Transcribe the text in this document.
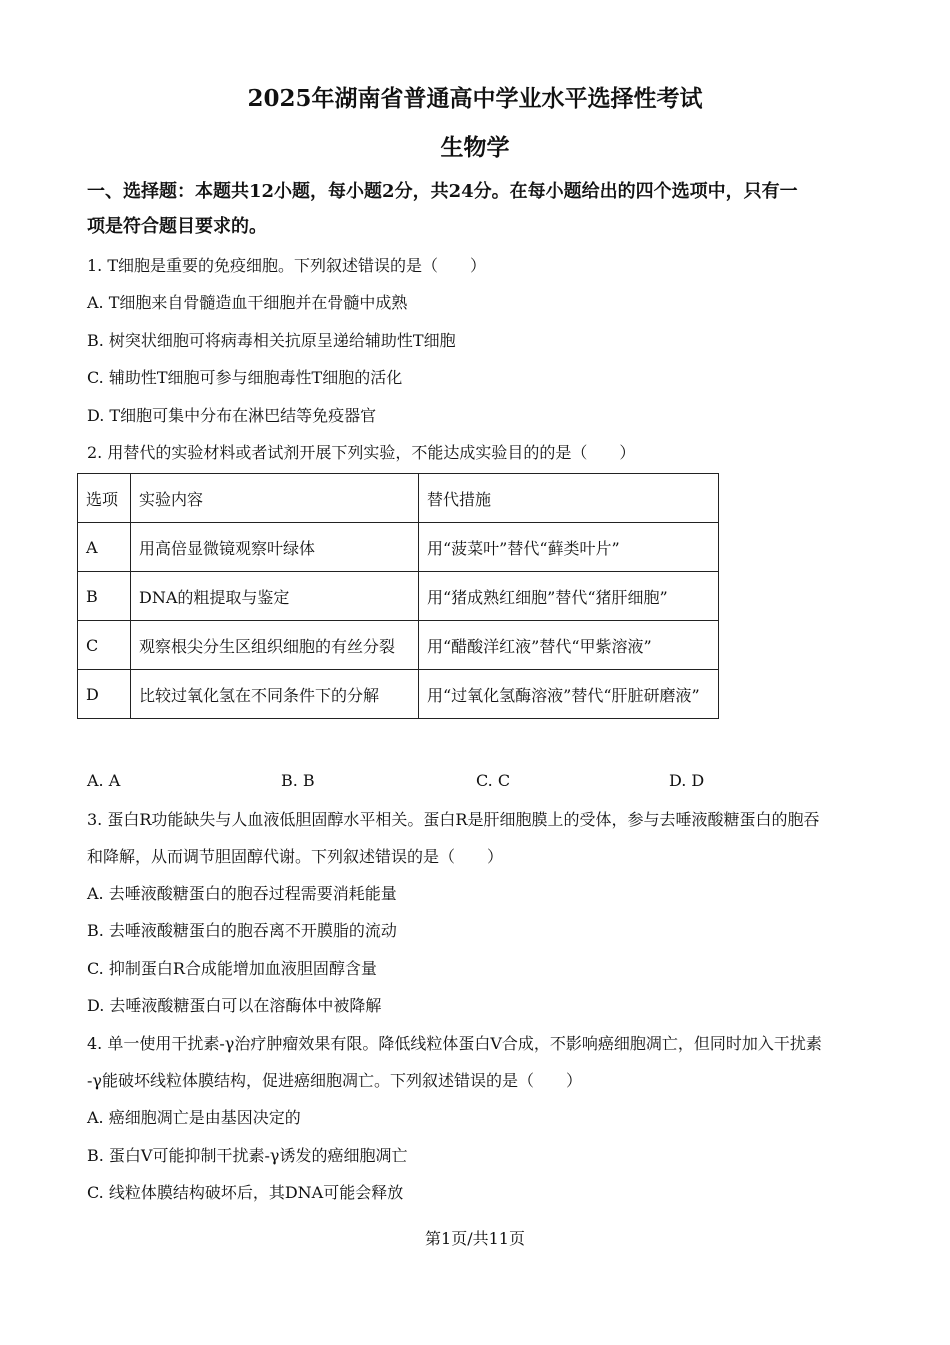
2025年湖南省普通高中学业水平选择性考试
生物学
一、选择题：本题共12小题，每小题2分，共24分。在每小题给出的四个选项中，只有一
项是符合题目要求的。
1. T细胞是重要的免疫细胞。下列叙述错误的是（　　）
A. T细胞来自骨髓造血干细胞并在骨髓中成熟
B. 树突状细胞可将病毒相关抗原呈递给辅助性T细胞
C. 辅助性T细胞可参与细胞毒性T细胞的活化
D. T细胞可集中分布在淋巴结等免疫器官
2. 用替代的实验材料或者试剂开展下列实验，不能达成实验目的的是（　　）
选项	实验内容	替代措施
A	用高倍显微镜观察叶绿体	用“菠菜叶”替代“藓类叶片”
B	DNA的粗提取与鉴定	用“猪成熟红细胞”替代“猪肝细胞”
C	观察根尖分生区组织细胞的有丝分裂	用“醋酸洋红液”替代“甲紫溶液”
D	比较过氧化氢在不同条件下的分解	用“过氧化氢酶溶液”替代“肝脏研磨液”
A. A	B. B	C. C	D. D
3. 蛋白R功能缺失与人血液低胆固醇水平相关。蛋白R是肝细胞膜上的受体，参与去唾液酸糖蛋白的胞吞
和降解，从而调节胆固醇代谢。下列叙述错误的是（　　）
A. 去唾液酸糖蛋白的胞吞过程需要消耗能量
B. 去唾液酸糖蛋白的胞吞离不开膜脂的流动
C. 抑制蛋白R合成能增加血液胆固醇含量
D. 去唾液酸糖蛋白可以在溶酶体中被降解
4. 单一使用干扰素-γ治疗肿瘤效果有限。降低线粒体蛋白V合成，不影响癌细胞凋亡，但同时加入干扰素
-γ能破坏线粒体膜结构，促进癌细胞凋亡。下列叙述错误的是（　　）
A. 癌细胞凋亡是由基因决定的
B. 蛋白V可能抑制干扰素-γ诱发的癌细胞凋亡
C. 线粒体膜结构破坏后，其DNA可能会释放
第1页/共11页
